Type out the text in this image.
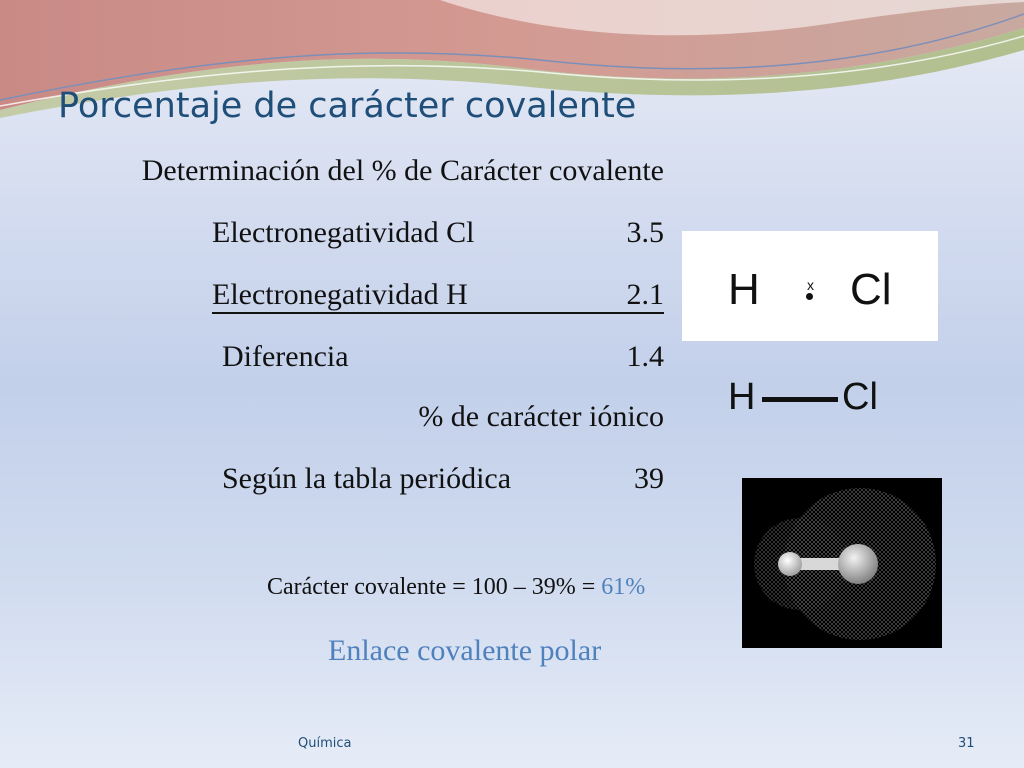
Porcentaje de carácter covalente
Determinación del % de Carácter covalente
Electronegatividad Cl	3.5
Electronegatividad H	2.1
Diferencia	1.4
% de carácter iónico
Según la tabla periódica	39
Carácter covalente = 100 – 39% = 61%
Enlace covalente polar
H	x Cl
H Cl
Química	31
